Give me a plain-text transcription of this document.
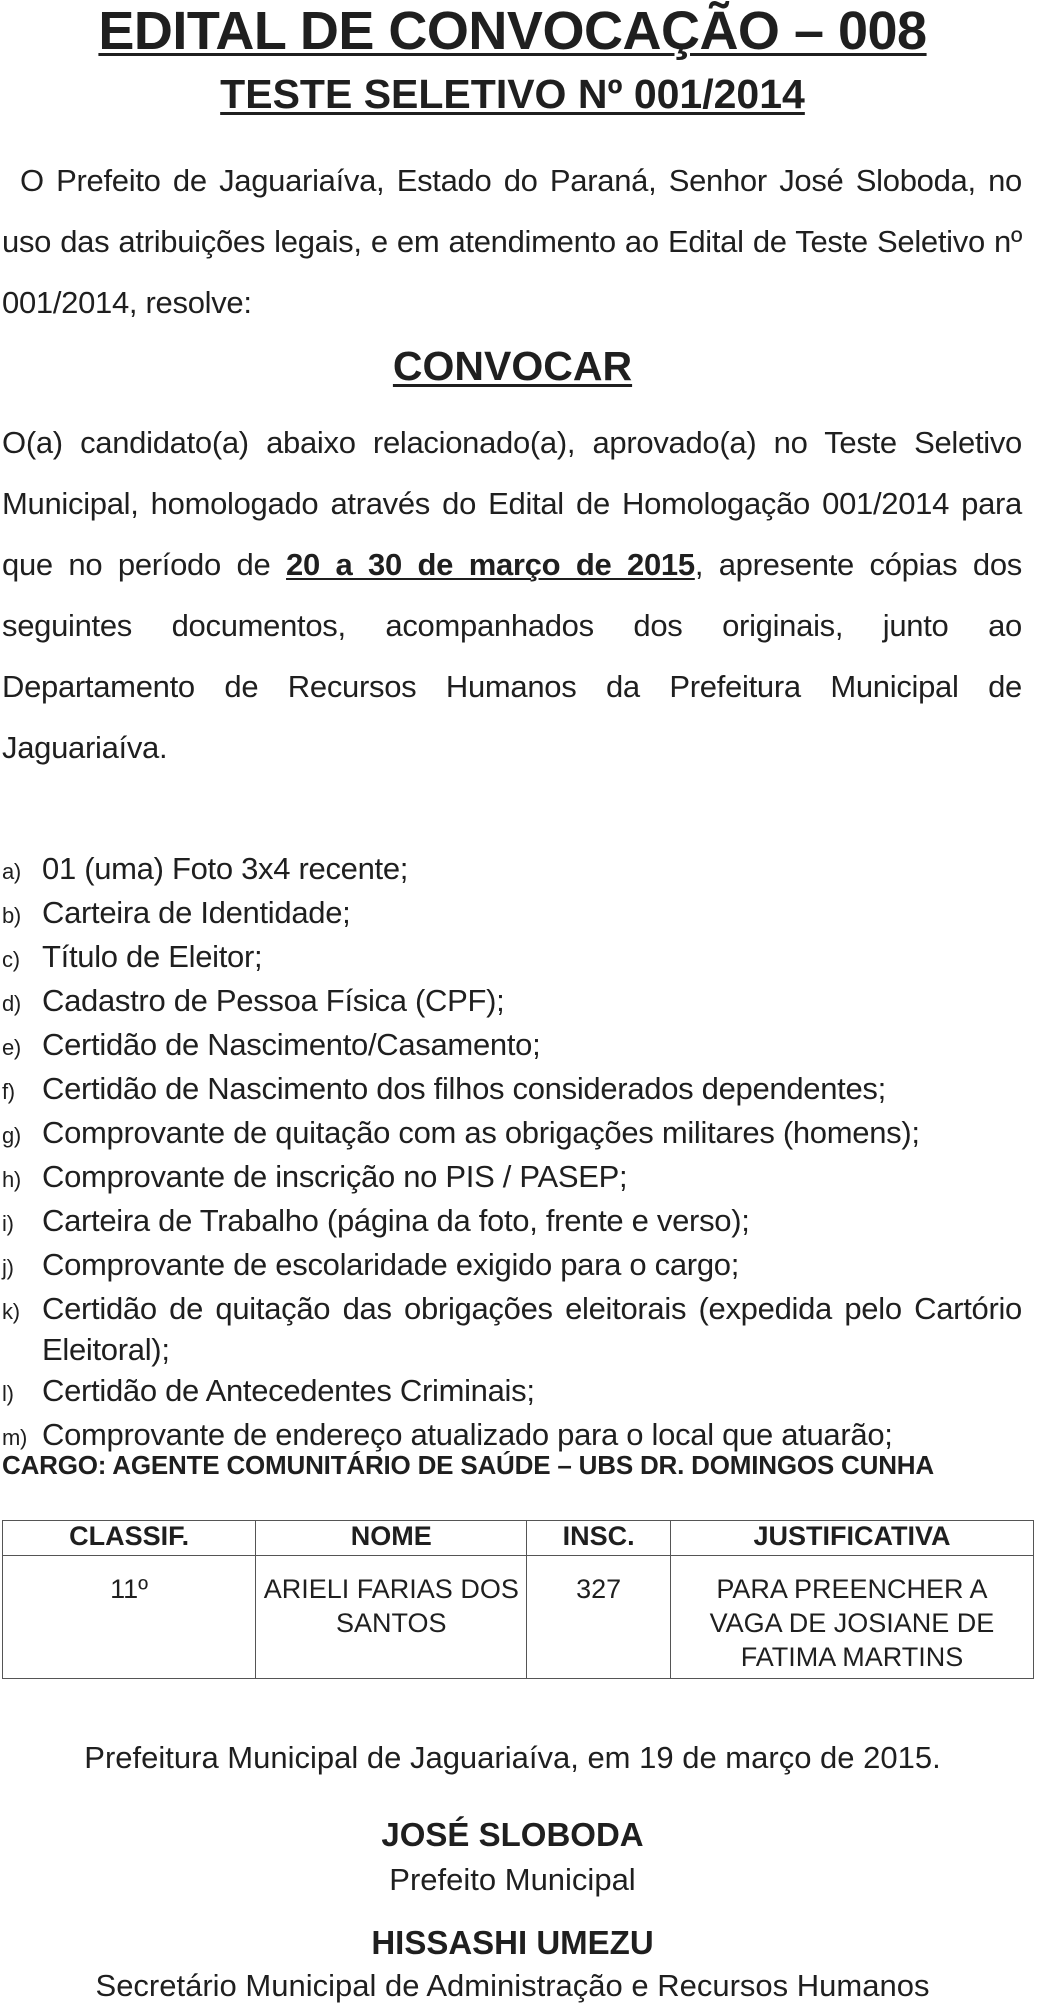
EDITAL DE CONVOCAÇÃO – 008
TESTE SELETIVO Nº 001/2014
O Prefeito de Jaguariaíva, Estado do Paraná, Senhor José Sloboda, no uso das atribuições legais, e em atendimento ao Edital de Teste Seletivo nº 001/2014, resolve:
CONVOCAR
O(a) candidato(a) abaixo relacionado(a), aprovado(a) no Teste Seletivo Municipal, homologado através do Edital de Homologação 001/2014 para que no período de 20 a 30 de março de 2015, apresente cópias dos seguintes documentos, acompanhados dos originais, junto ao Departamento de Recursos Humanos da Prefeitura Municipal de Jaguariaíva.
a) 01 (uma) Foto 3x4 recente;
b) Carteira de Identidade;
c) Título de Eleitor;
d) Cadastro de Pessoa Física (CPF);
e) Certidão de Nascimento/Casamento;
f) Certidão de Nascimento dos filhos considerados dependentes;
g) Comprovante de quitação com as obrigações militares (homens);
h) Comprovante de inscrição no PIS / PASEP;
i) Carteira de Trabalho (página da foto, frente e verso);
j) Comprovante de escolaridade exigido para o cargo;
k) Certidão de quitação das obrigações eleitorais (expedida pelo Cartório Eleitoral);
l) Certidão de Antecedentes Criminais;
m) Comprovante de endereço atualizado para o local que atuarão;
CARGO: AGENTE COMUNITÁRIO DE SAÚDE – UBS DR. DOMINGOS CUNHA
CLASSIF.	NOME	INSC.	JUSTIFICATIVA
11º	ARIELI FARIAS DOS SANTOS	327	PARA PREENCHER A VAGA DE JOSIANE DE FATIMA MARTINS
Prefeitura Municipal de Jaguariaíva, em 19 de março de 2015.
JOSÉ SLOBODA
Prefeito Municipal
HISSASHI UMEZU
Secretário Municipal de Administração e Recursos Humanos
